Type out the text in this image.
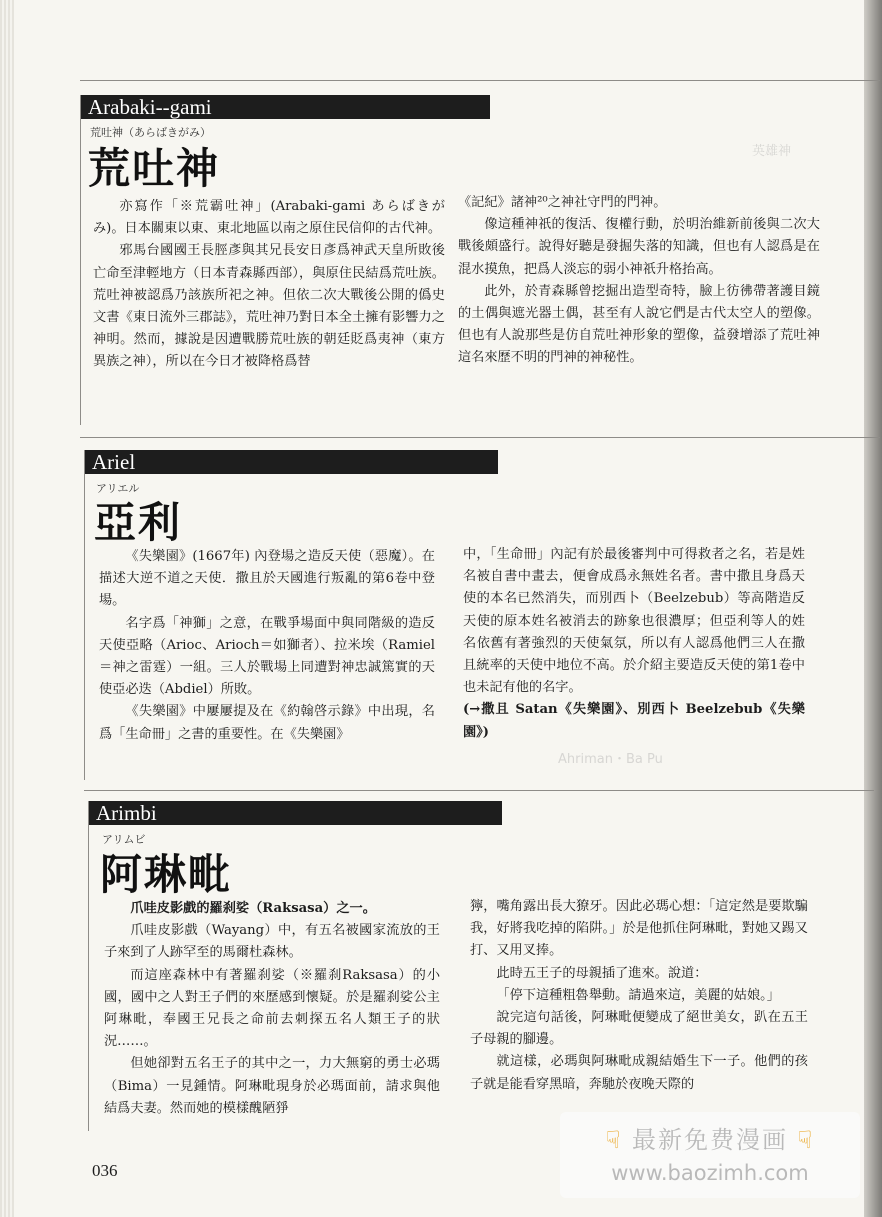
英雄神
Ahriman・Ba Pu
Arabaki--gami
荒吐神（あらばきがみ）
荒吐神

亦寫作「※荒霸吐神」(Arabaki-gami あらばきがみ)。日本關東以東、東北地區以南之原住民信仰的古代神。

邪馬台國國王長脛彥與其兄長安日彥爲神武天皇所敗後亡命至津輕地方（日本青森縣西部），與原住民結爲荒吐族。荒吐神被認爲乃該族所祀之神。但依二次大戰後公開的僞史文書《東日流外三郡誌》，荒吐神乃對日本全土擁有影響力之神明。然而，據說是因遭戰勝荒吐族的朝廷貶爲夷神（東方異族之神），所以在今日才被降格爲替

《記紀》諸神²⁰之神社守門的門神。

像這種神祇的復活、復權行動，於明治維新前後與二次大戰後頗盛行。說得好聽是發掘失落的知識，但也有人認爲是在混水摸魚，把爲人淡忘的弱小神祇升格抬高。

此外，於青森縣曾挖掘出造型奇特，臉上彷彿帶著護目鏡的土偶與遮光器土偶，甚至有人說它們是古代太空人的塑像。但也有人說那些是仿自荒吐神形象的塑像，益發增添了荒吐神這名來歷不明的門神的神秘性。

Ariel
アリエル
亞利

《失樂園》(1667年) 內登場之造反天使（惡魔）。在描述大逆不道之天使．撒且於天國進行叛亂的第6卷中登場。

名字爲「神獅」之意，在戰爭場面中與同階級的造反天使亞略（Arioc、Arioch＝如獅者）、拉米埃（Ramiel＝神之雷霆）一組。三人於戰場上同遭對神忠誠篤實的天使亞必迭（Abdiel）所敗。

《失樂園》中屢屢提及在《約翰啓示錄》中出現，名爲「生命冊」之書的重要性。在《失樂園》

中，「生命冊」內記有於最後審判中可得救者之名，若是姓名被自書中畫去，便會成爲永無姓名者。書中撒且身爲天使的本名已然消失，而別西卜（Beelzebub）等高階造反天使的原本姓名被消去的跡象也很濃厚；但亞利等人的姓名依舊有著強烈的天使氣氛，所以有人認爲他們三人在撒且統率的天使中地位不高。於介紹主要造反天使的第1卷中也未記有他的名字。

(→撒且 Satan《失樂園》、別西卜 Beelzebub《失樂園》)

Arimbi
アリムビ
阿琳毗

爪哇皮影戲的羅刹娑（Raksasa）之一。

爪哇皮影戲（Wayang）中，有五名被國家流放的王子來到了人跡罕至的馬爾杜森林。

而這座森林中有著羅刹娑（※羅刹Raksasa）的小國，國中之人對王子們的來歷感到懷疑。於是羅刹娑公主阿琳毗，奉國王兄長之命前去刺探五名人類王子的狀況……。

但她卻對五名王子的其中之一，力大無窮的勇士必瑪（Bima）一見鍾情。阿琳毗現身於必瑪面前，請求與他結爲夫妻。然而她的模樣醜陋猙

獰，嘴角露出長大獠牙。因此必瑪心想：「這定然是要欺騙我，好將我吃掉的陷阱。」於是他抓住阿琳毗，對她又踢又打、又用叉捧。

此時五王子的母親插了進來。說道：

「停下這種粗魯舉動。請過來這，美麗的姑娘。」

說完這句話後，阿琳毗便變成了絕世美女，趴在五王子母親的腳邊。

就這樣，必瑪與阿琳毗成親結婚生下一子。他們的孩子就是能看穿黑暗，奔馳於夜晚天際的

036
☟ 最新免费漫画 ☟
www.baozimh.com
